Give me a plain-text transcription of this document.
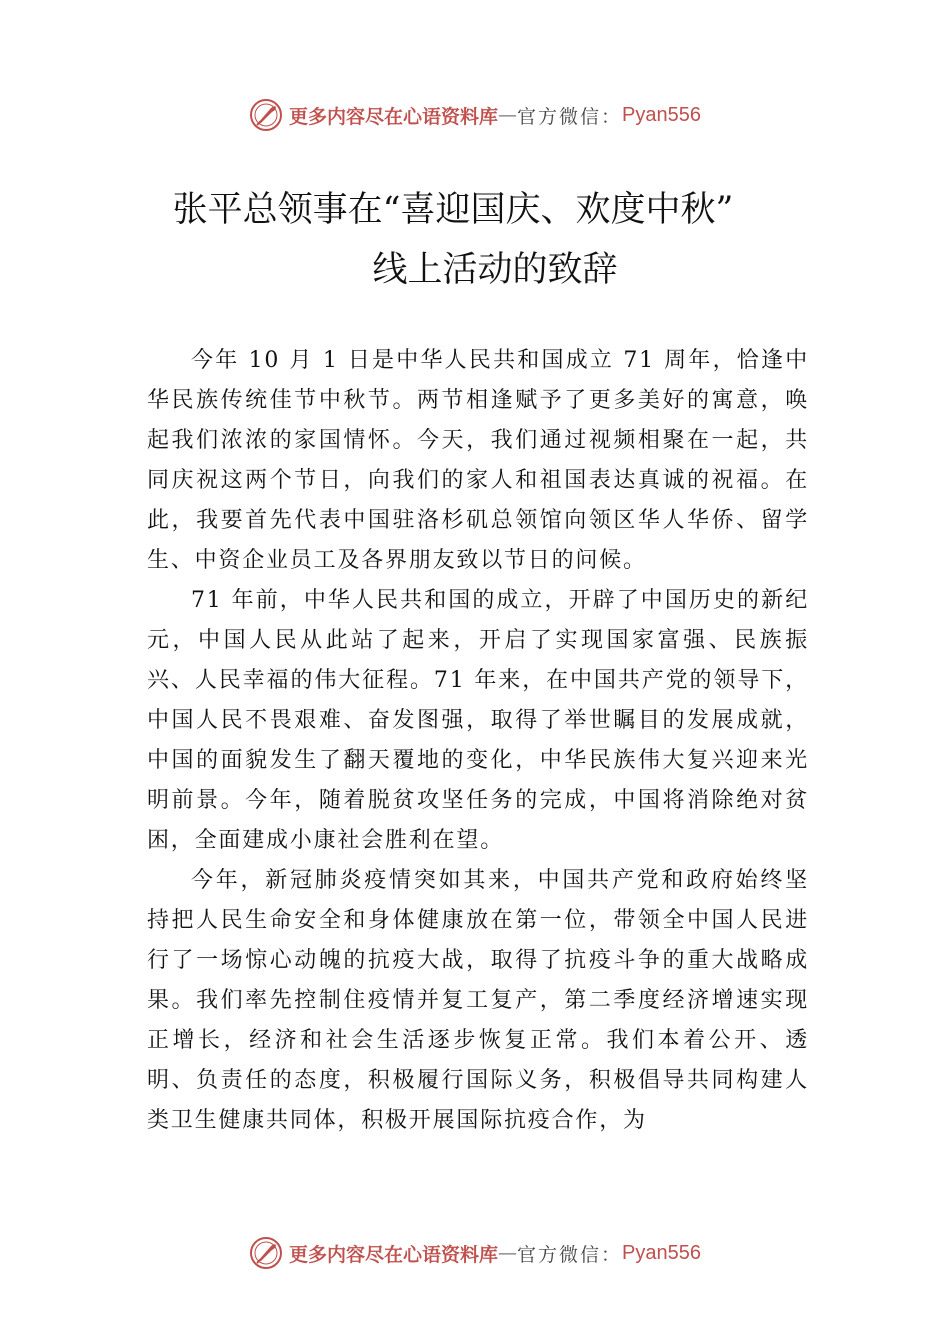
更多内容尽在心语资料库 — 官方微信： Pyan556
张平总领事在“喜迎国庆、欢度中秋”
线上活动的致辞

今年 10 月 1 日是中华人民共和国成立 71 周年，恰逢中华民族传统佳节中秋节。两节相逢赋予了更多美好的寓意，唤起我们浓浓的家国情怀。今天，我们通过视频相聚在一起，共同庆祝这两个节日，向我们的家人和祖国表达真诚的祝福。在此，我要首先代表中国驻洛杉矶总领馆向领区华人华侨、留学生、中资企业员工及各界朋友致以节日的问候。

71 年前，中华人民共和国的成立，开辟了中国历史的新纪元，中国人民从此站了起来，开启了实现国家富强、民族振兴、人民幸福的伟大征程。71 年来，在中国共产党的领导下，中国人民不畏艰难、奋发图强，取得了举世瞩目的发展成就，中国的面貌发生了翻天覆地的变化，中华民族伟大复兴迎来光明前景。今年，随着脱贫攻坚任务的完成，中国将消除绝对贫困，全面建成小康社会胜利在望。

今年，新冠肺炎疫情突如其来，中国共产党和政府始终坚持把人民生命安全和身体健康放在第一位，带领全中国人民进行了一场惊心动魄的抗疫大战，取得了抗疫斗争的重大战略成果。我们率先控制住疫情并复工复产，第二季度经济增速实现正增长，经济和社会生活逐步恢复正常。我们本着公开、透明、负责任的态度，积极履行国际义务，积极倡导共同构建人类卫生健康共同体，积极开展国际抗疫合作，为

更多内容尽在心语资料库 — 官方微信： Pyan556
